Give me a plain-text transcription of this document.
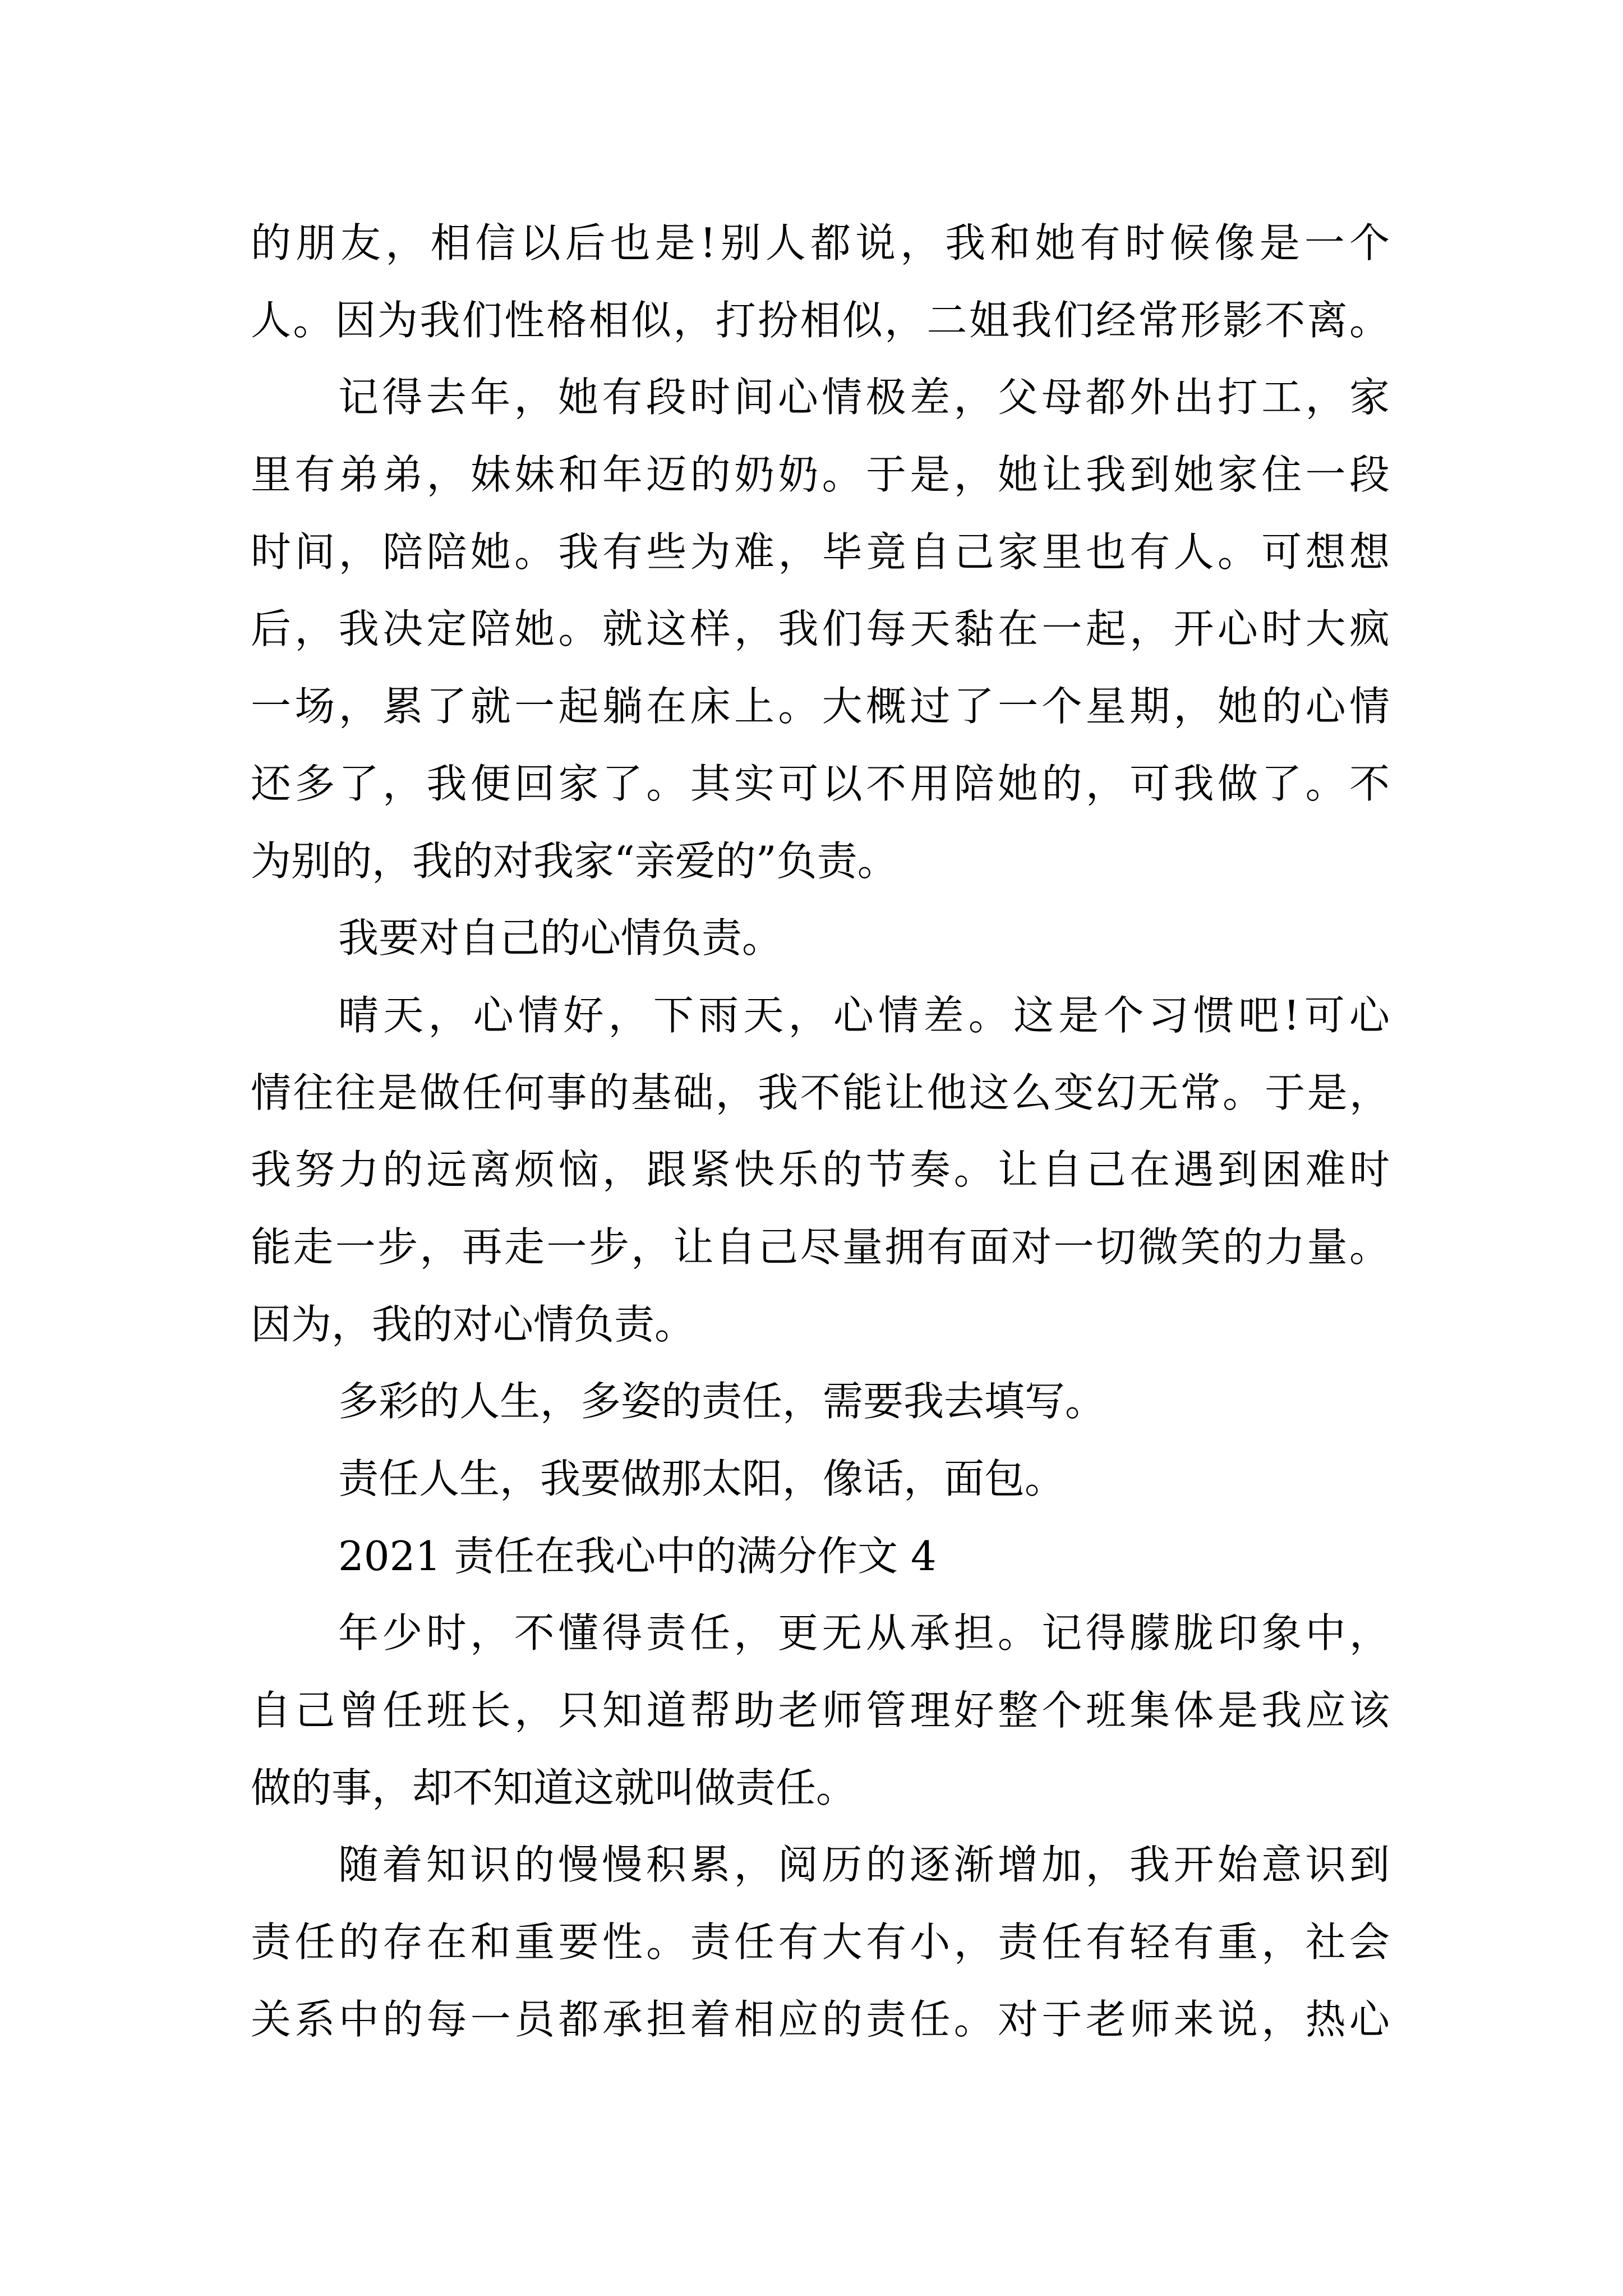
的朋友，相信以后也是!别人都说，我和她有时候像是一个
人。因为我们性格相似，打扮相似，二姐我们经常形影不离。
记得去年，她有段时间心情极差，父母都外出打工，家
里有弟弟，妹妹和年迈的奶奶。于是，她让我到她家住一段
时间，陪陪她。我有些为难，毕竟自己家里也有人。可想想
后，我决定陪她。就这样，我们每天黏在一起，开心时大疯
一场，累了就一起躺在床上。大概过了一个星期，她的心情
还多了，我便回家了。其实可以不用陪她的，可我做了。不
为别的，我的对我家“亲爱的”负责。
我要对自己的心情负责。
晴天，心情好，下雨天，心情差。这是个习惯吧!可心
情往往是做任何事的基础，我不能让他这么变幻无常。于是，
我努力的远离烦恼，跟紧快乐的节奏。让自己在遇到困难时
能走一步，再走一步，让自己尽量拥有面对一切微笑的力量。
因为，我的对心情负责。
多彩的人生，多姿的责任，需要我去填写。
责任人生，我要做那太阳，像话，面包。
2021 责任在我心中的满分作文 4
年少时，不懂得责任，更无从承担。记得朦胧印象中，
自己曾任班长，只知道帮助老师管理好整个班集体是我应该
做的事，却不知道这就叫做责任。
随着知识的慢慢积累，阅历的逐渐增加，我开始意识到
责任的存在和重要性。责任有大有小，责任有轻有重，社会
关系中的每一员都承担着相应的责任。对于老师来说，热心
